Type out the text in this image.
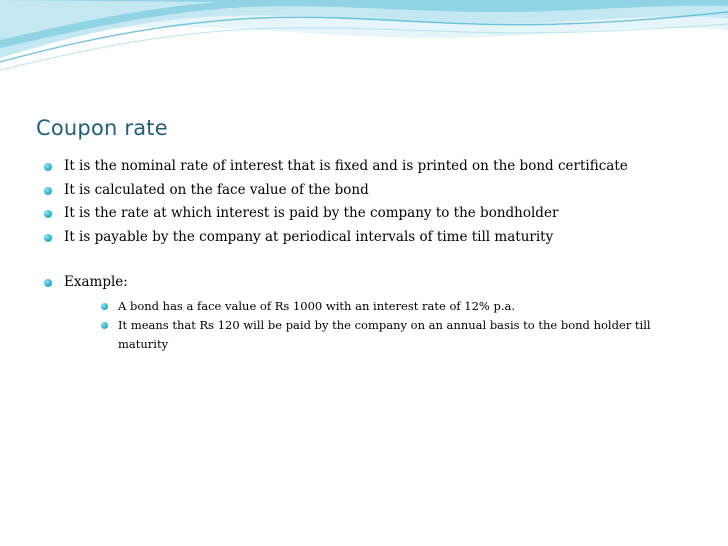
Coupon rate
It is the nominal rate of interest that is fixed and is printed on the bond certificate
It is calculated on the face value of the bond
It is the rate at which interest is paid by the company to the bondholder
It is payable by the company at periodical intervals of time till maturity
Example:
A bond has a face value of Rs 1000 with an interest rate of 12% p.a.
It means that Rs 120 will be paid by the company on an annual basis to the bond holder till maturity
